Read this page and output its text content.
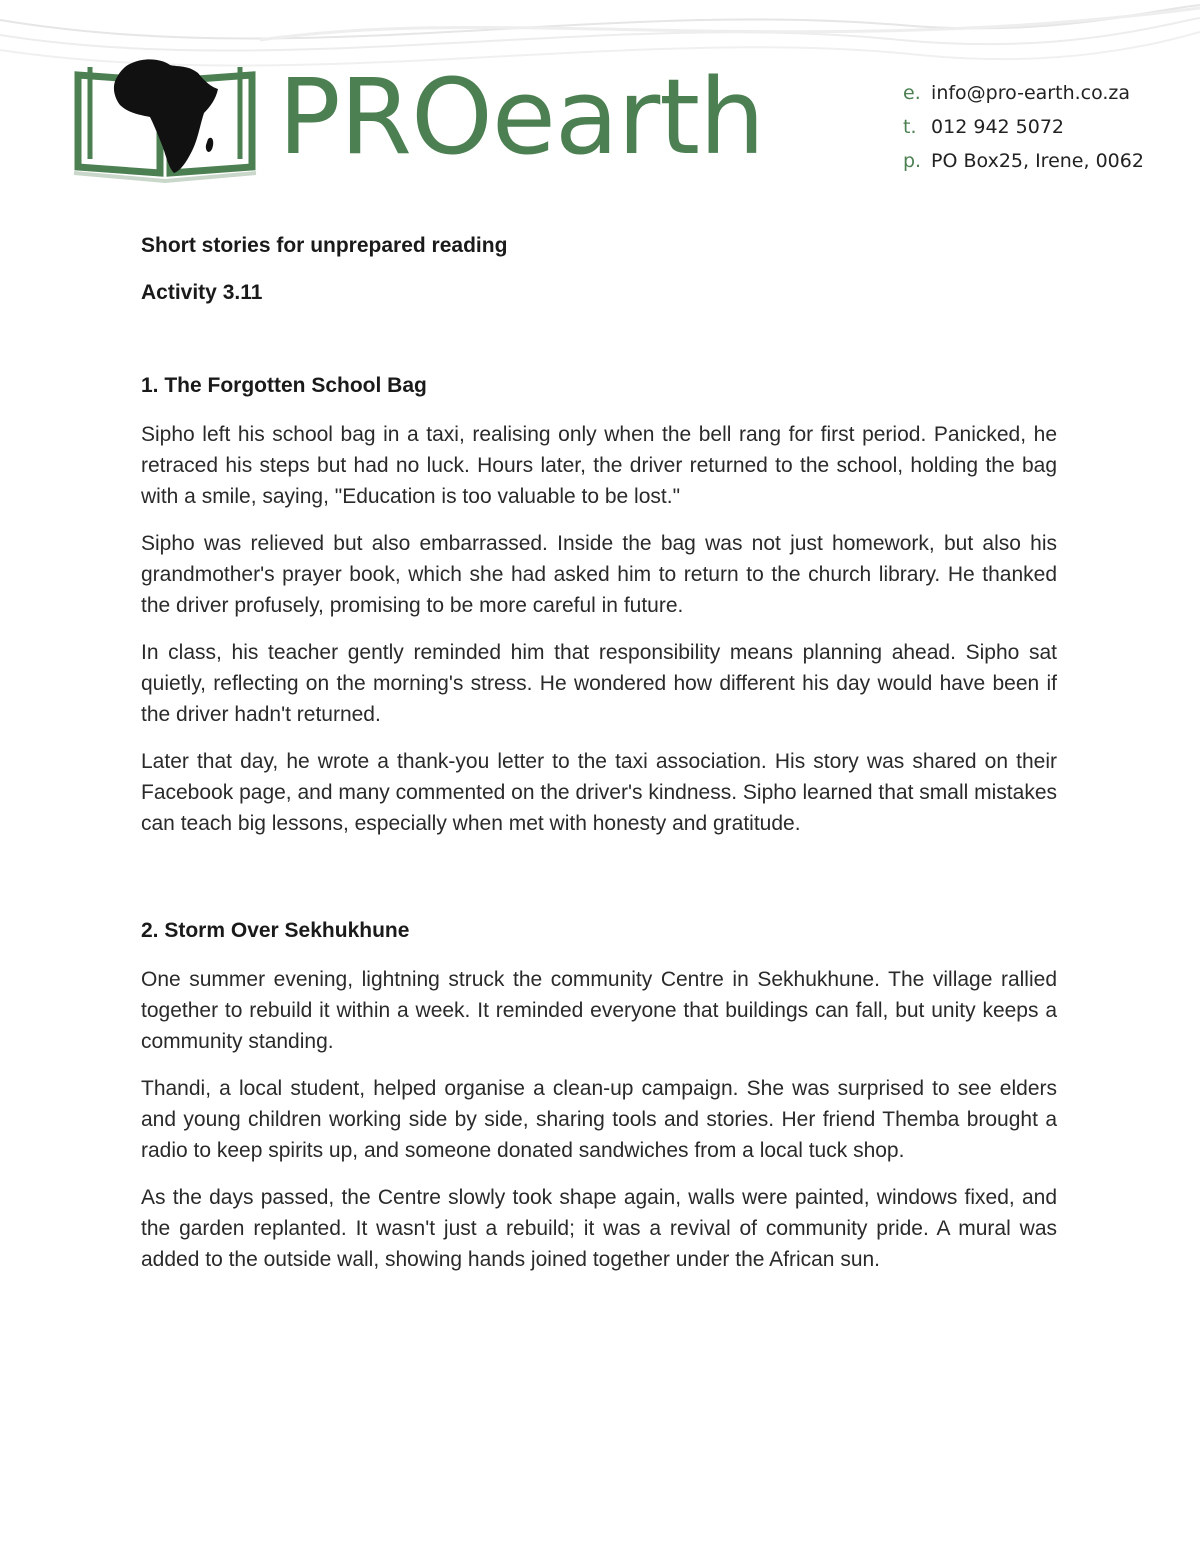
PROearth	e. info@pro-earth.co.za
t. 012 942 5072
p. PO Box25, Irene, 0062

Short stories for unprepared reading

Activity 3.11

1. The Forgotten School Bag

Sipho left his school bag in a taxi, realising only when the bell rang for first period. Panicked, he retraced his steps but had no luck. Hours later, the driver returned to the school, holding the bag with a smile, saying, "Education is too valuable to be lost."

Sipho was relieved but also embarrassed. Inside the bag was not just homework, but also his grandmother's prayer book, which she had asked him to return to the church library. He thanked the driver profusely, promising to be more careful in future.

In class, his teacher gently reminded him that responsibility means planning ahead. Sipho sat quietly, reflecting on the morning's stress. He wondered how different his day would have been if the driver hadn't returned.

Later that day, he wrote a thank-you letter to the taxi association. His story was shared on their Facebook page, and many commented on the driver's kindness. Sipho learned that small mistakes can teach big lessons, especially when met with honesty and gratitude.

2. Storm Over Sekhukhune

One summer evening, lightning struck the community Centre in Sekhukhune. The village rallied together to rebuild it within a week. It reminded everyone that buildings can fall, but unity keeps a community standing.

Thandi, a local student, helped organise a clean-up campaign. She was surprised to see elders and young children working side by side, sharing tools and stories. Her friend Themba brought a radio to keep spirits up, and someone donated sandwiches from a local tuck shop.

As the days passed, the Centre slowly took shape again, walls were painted, windows fixed, and the garden replanted. It wasn't just a rebuild; it was a revival of community pride. A mural was added to the outside wall, showing hands joined together under the African sun.
